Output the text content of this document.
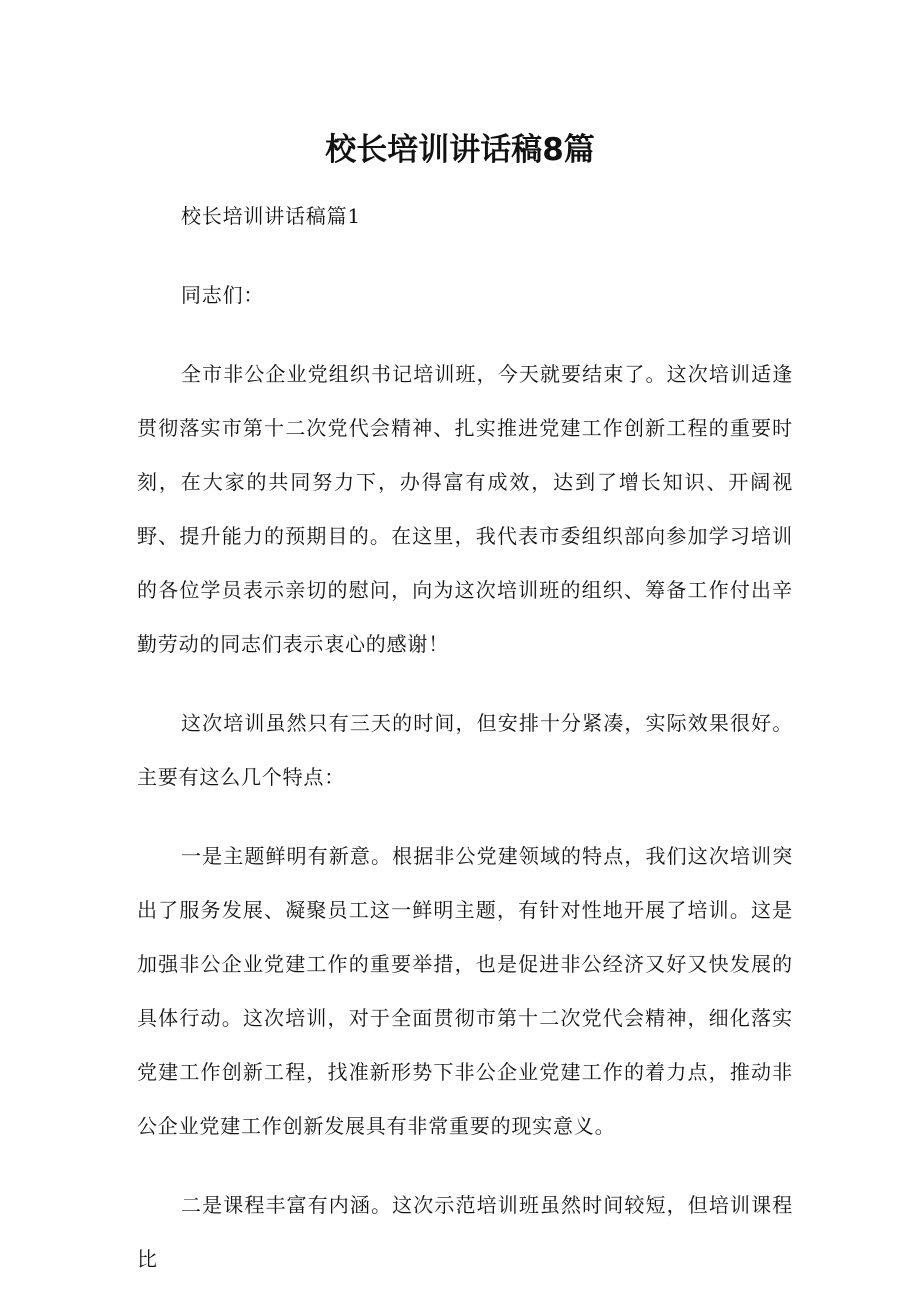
校长培训讲话稿8篇

校长培训讲话稿篇1

同志们：

全市非公企业党组织书记培训班，今天就要结束了。这次培训适逢贯彻落实市第十二次党代会精神、扎实推进党建工作创新工程的重要时刻，在大家的共同努力下，办得富有成效，达到了增长知识、开阔视野、提升能力的预期目的。在这里，我代表市委组织部向参加学习培训的各位学员表示亲切的慰问，向为这次培训班的组织、筹备工作付出辛勤劳动的同志们表示衷心的感谢！

这次培训虽然只有三天的时间，但安排十分紧凑，实际效果很好。主要有这么几个特点：

一是主题鲜明有新意。根据非公党建领域的特点，我们这次培训突出了服务发展、凝聚员工这一鲜明主题，有针对性地开展了培训。这是加强非公企业党建工作的重要举措，也是促进非公经济又好又快发展的具体行动。这次培训，对于全面贯彻市第十二次党代会精神，细化落实党建工作创新工程，找准新形势下非公企业党建工作的着力点，推动非公企业党建工作创新发展具有非常重要的现实意义。

二是课程丰富有内涵。这次示范培训班虽然时间较短，但培训课程比
